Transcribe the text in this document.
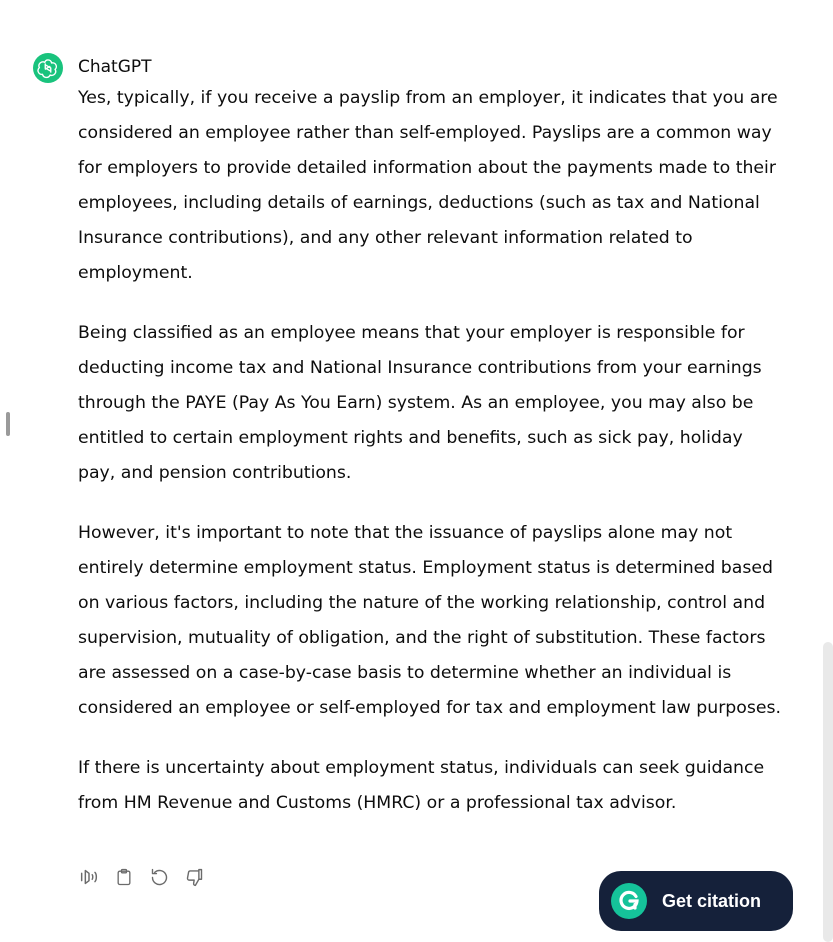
ChatGPT

Yes, typically, if you receive a payslip from an employer, it indicates that you are considered an employee rather than self-employed. Payslips are a common way for employers to provide detailed information about the payments made to their employees, including details of earnings, deductions (such as tax and National Insurance contributions), and any other relevant information related to employment.

Being classified as an employee means that your employer is responsible for deducting income tax and National Insurance contributions from your earnings through the PAYE (Pay As You Earn) system. As an employee, you may also be entitled to certain employment rights and benefits, such as sick pay, holiday pay, and pension contributions.

However, it's important to note that the issuance of payslips alone may not entirely determine employment status. Employment status is determined based on various factors, including the nature of the working relationship, control and supervision, mutuality of obligation, and the right of substitution. These factors are assessed on a case-by-case basis to determine whether an individual is considered an employee or self-employed for tax and employment law purposes.

If there is uncertainty about employment status, individuals can seek guidance from HM Revenue and Customs (HMRC) or a professional tax advisor.

Get citation
